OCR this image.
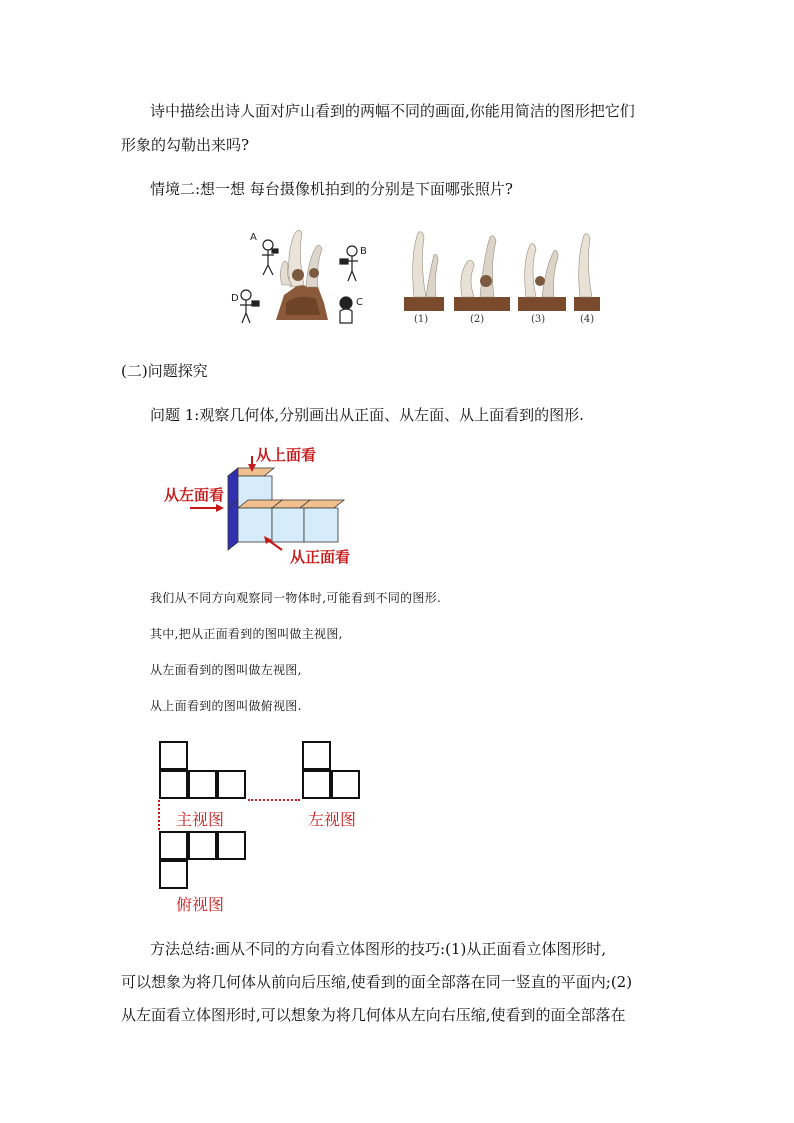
诗中描绘出诗人面对庐山看到的两幅不同的画面,你能用简洁的图形把它们
形象的勾勒出来吗?
情境二:想一想 每台摄像机拍到的分别是下面哪张照片?
A
B
C
D
(1)	(2)	(3)	(4)
(二)问题探究
问题 1:观察几何体,分别画出从正面、从左面、从上面看到的图形.
从上面看
从左面看
从正面看
我们从不同方向观察同一物体时,可能看到不同的图形.
其中,把从正面看到的图叫做主视图,
从左面看到的图叫做左视图,
从上面看到的图叫做俯视图.
主视图	左视图
俯视图
方法总结:画从不同的方向看立体图形的技巧:(1)从正面看立体图形时,
可以想象为将几何体从前向后压缩,使看到的面全部落在同一竖直的平面内;(2)
从左面看立体图形时,可以想象为将几何体从左向右压缩,使看到的面全部落在
